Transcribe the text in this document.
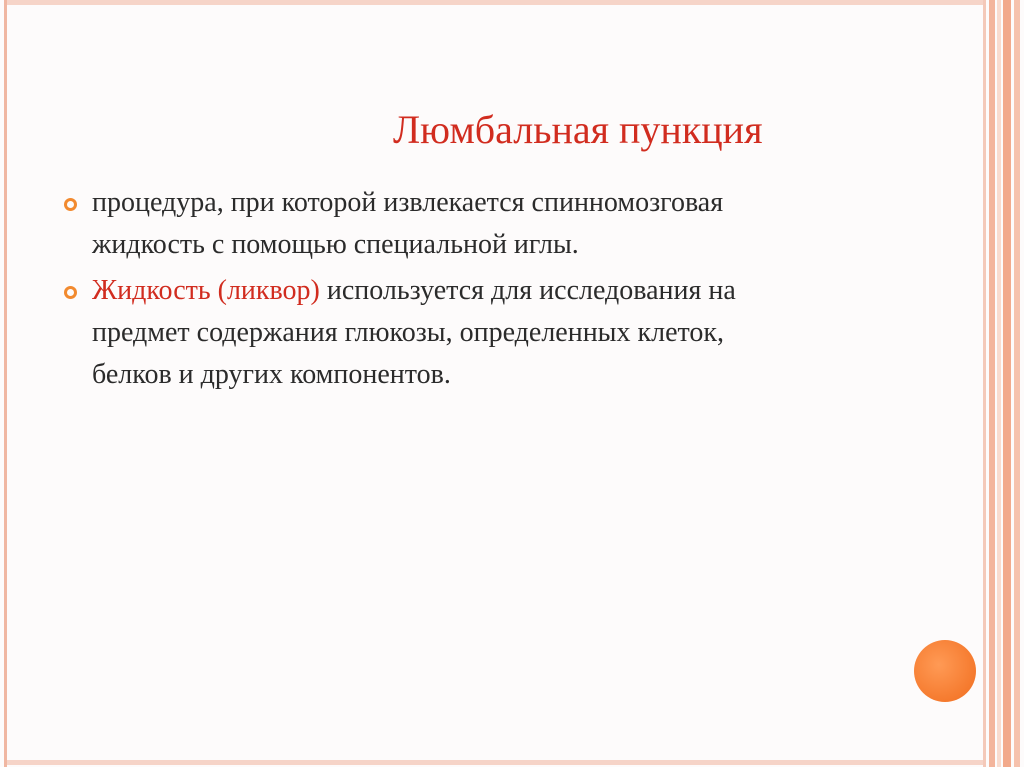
Люмбальная пункция
процедура, при которой извлекается спинномозговая жидкость с помощью специальной иглы.
Жидкость (ликвор) используется для исследования на предмет содержания глюкозы, определенных клеток, белков и других компонентов.
